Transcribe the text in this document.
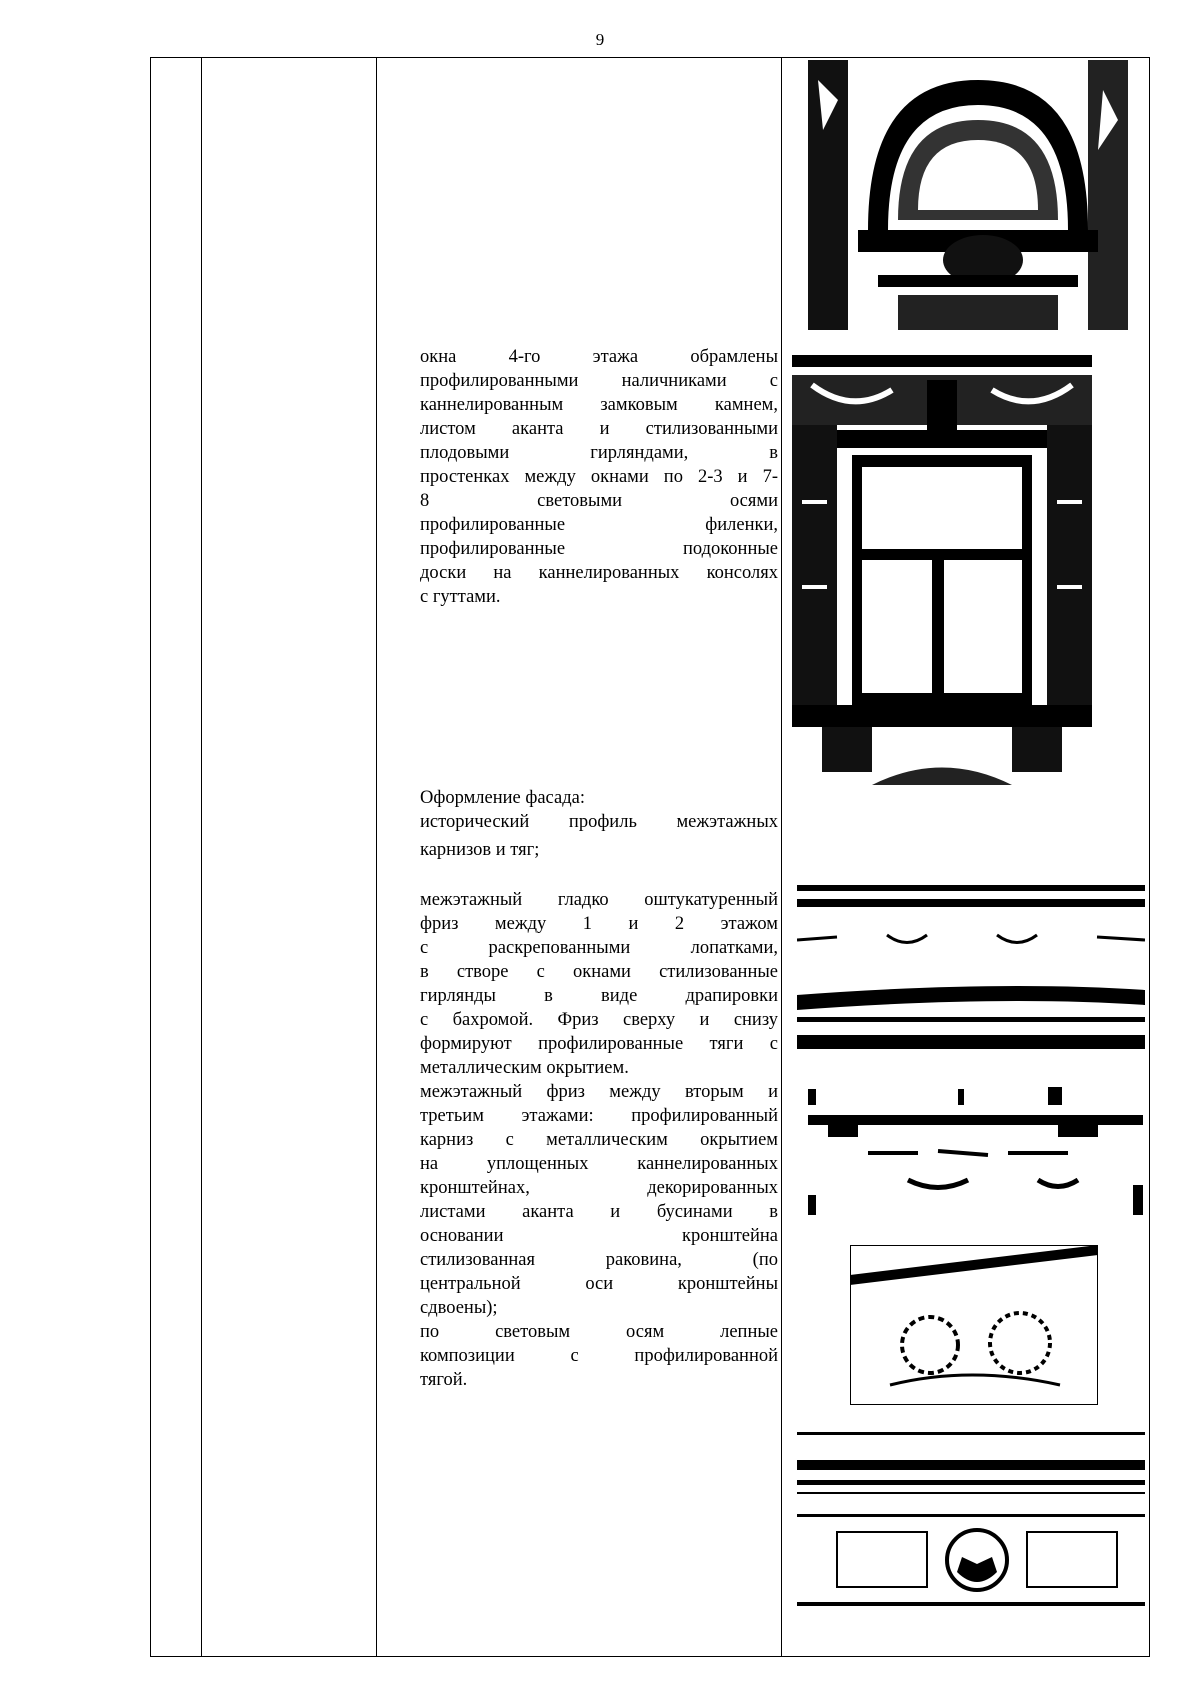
9
окна 4-го этажа обрамлены
профилированными наличниками с
каннелированным замковым камнем,
листом аканта и стилизованными
плодовыми гирляндами, в
простенках между окнами по 2-3 и 7-
8 световыми осями
профилированные филенки,
профилированные подоконные
доски на каннелированных консолях
с гуттами.
Оформление фасада:
исторический профиль межэтажных
карнизов и тяг;
межэтажный гладко оштукатуренный
фриз между 1 и 2 этажом
с раскрепованными лопатками,
в створе с окнами стилизованные
гирлянды в виде драпировки
с бахромой. Фриз сверху и снизу
формируют профилированные тяги с
металлическим окрытием.
межэтажный фриз между вторым и
третьим этажами: профилированный
карниз с металлическим окрытием
на уплощенных каннелированных
кронштейнах, декорированных
листами аканта и бусинами в
основании кронштейна
стилизованная раковина, (по
центральной оси кронштейны
сдвоены);
по световым осям лепные
композиции с профилированной
тягой.
